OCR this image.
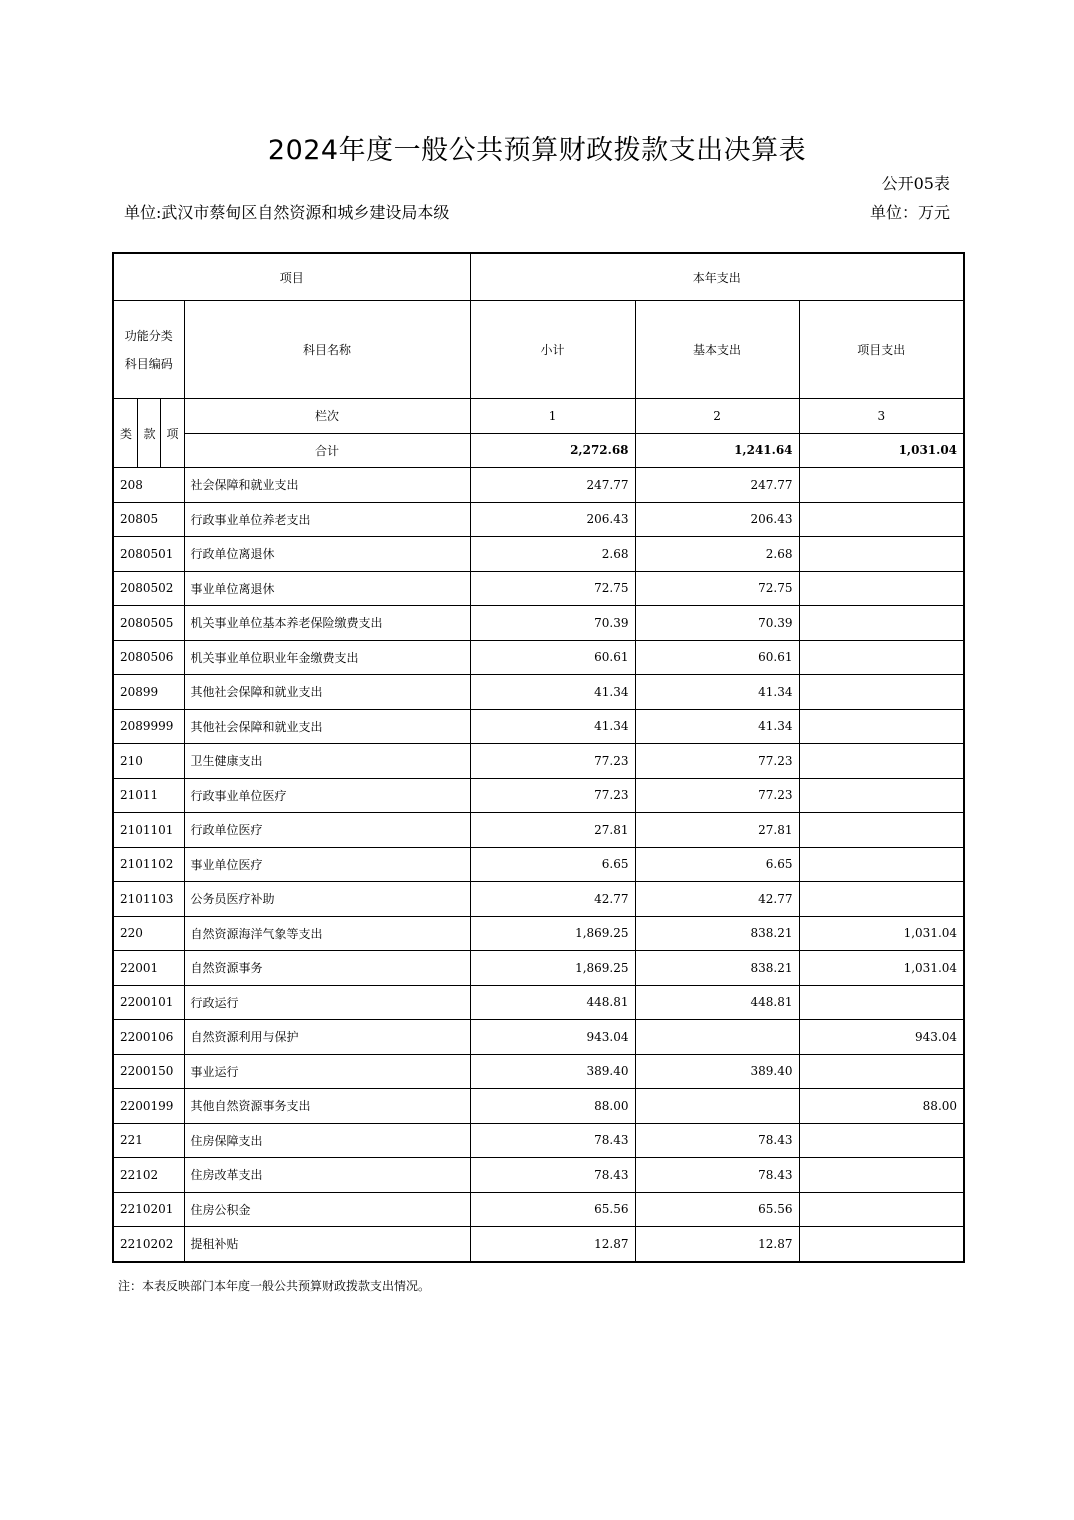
2024年度一般公共预算财政拨款支出决算表
公开05表
单位:武汉市蔡甸区自然资源和城乡建设局本级	单位：万元
项目				本年支出		

功能分类
科目编码			科目名称	小计	基本支出	项目支出
类	款	项	栏次	1	2	3
			合计	2,272.68	1,241.64	1,031.04
208			社会保障和就业支出	247.77	247.77	
20805			行政事业单位养老支出	206.43	206.43	
2080501			行政单位离退休	2.68	2.68	
2080502			事业单位离退休	72.75	72.75	
2080505			机关事业单位基本养老保险缴费支出	70.39	70.39	
2080506			机关事业单位职业年金缴费支出	60.61	60.61	
20899			其他社会保障和就业支出	41.34	41.34	
2089999			其他社会保障和就业支出	41.34	41.34	
210			卫生健康支出	77.23	77.23	
21011			行政事业单位医疗	77.23	77.23	
2101101			行政单位医疗	27.81	27.81	
2101102			事业单位医疗	6.65	6.65	
2101103			公务员医疗补助	42.77	42.77	
220			自然资源海洋气象等支出	1,869.25	838.21	1,031.04
22001			自然资源事务	1,869.25	838.21	1,031.04
2200101			行政运行	448.81	448.81	
2200106			自然资源利用与保护	943.04		943.04
2200150			事业运行	389.40	389.40	
2200199			其他自然资源事务支出	88.00		88.00
221			住房保障支出	78.43	78.43	
22102			住房改革支出	78.43	78.43	
2210201			住房公积金	65.56	65.56	
2210202			提租补贴	12.87	12.87	
注：本表反映部门本年度一般公共预算财政拨款支出情况。
